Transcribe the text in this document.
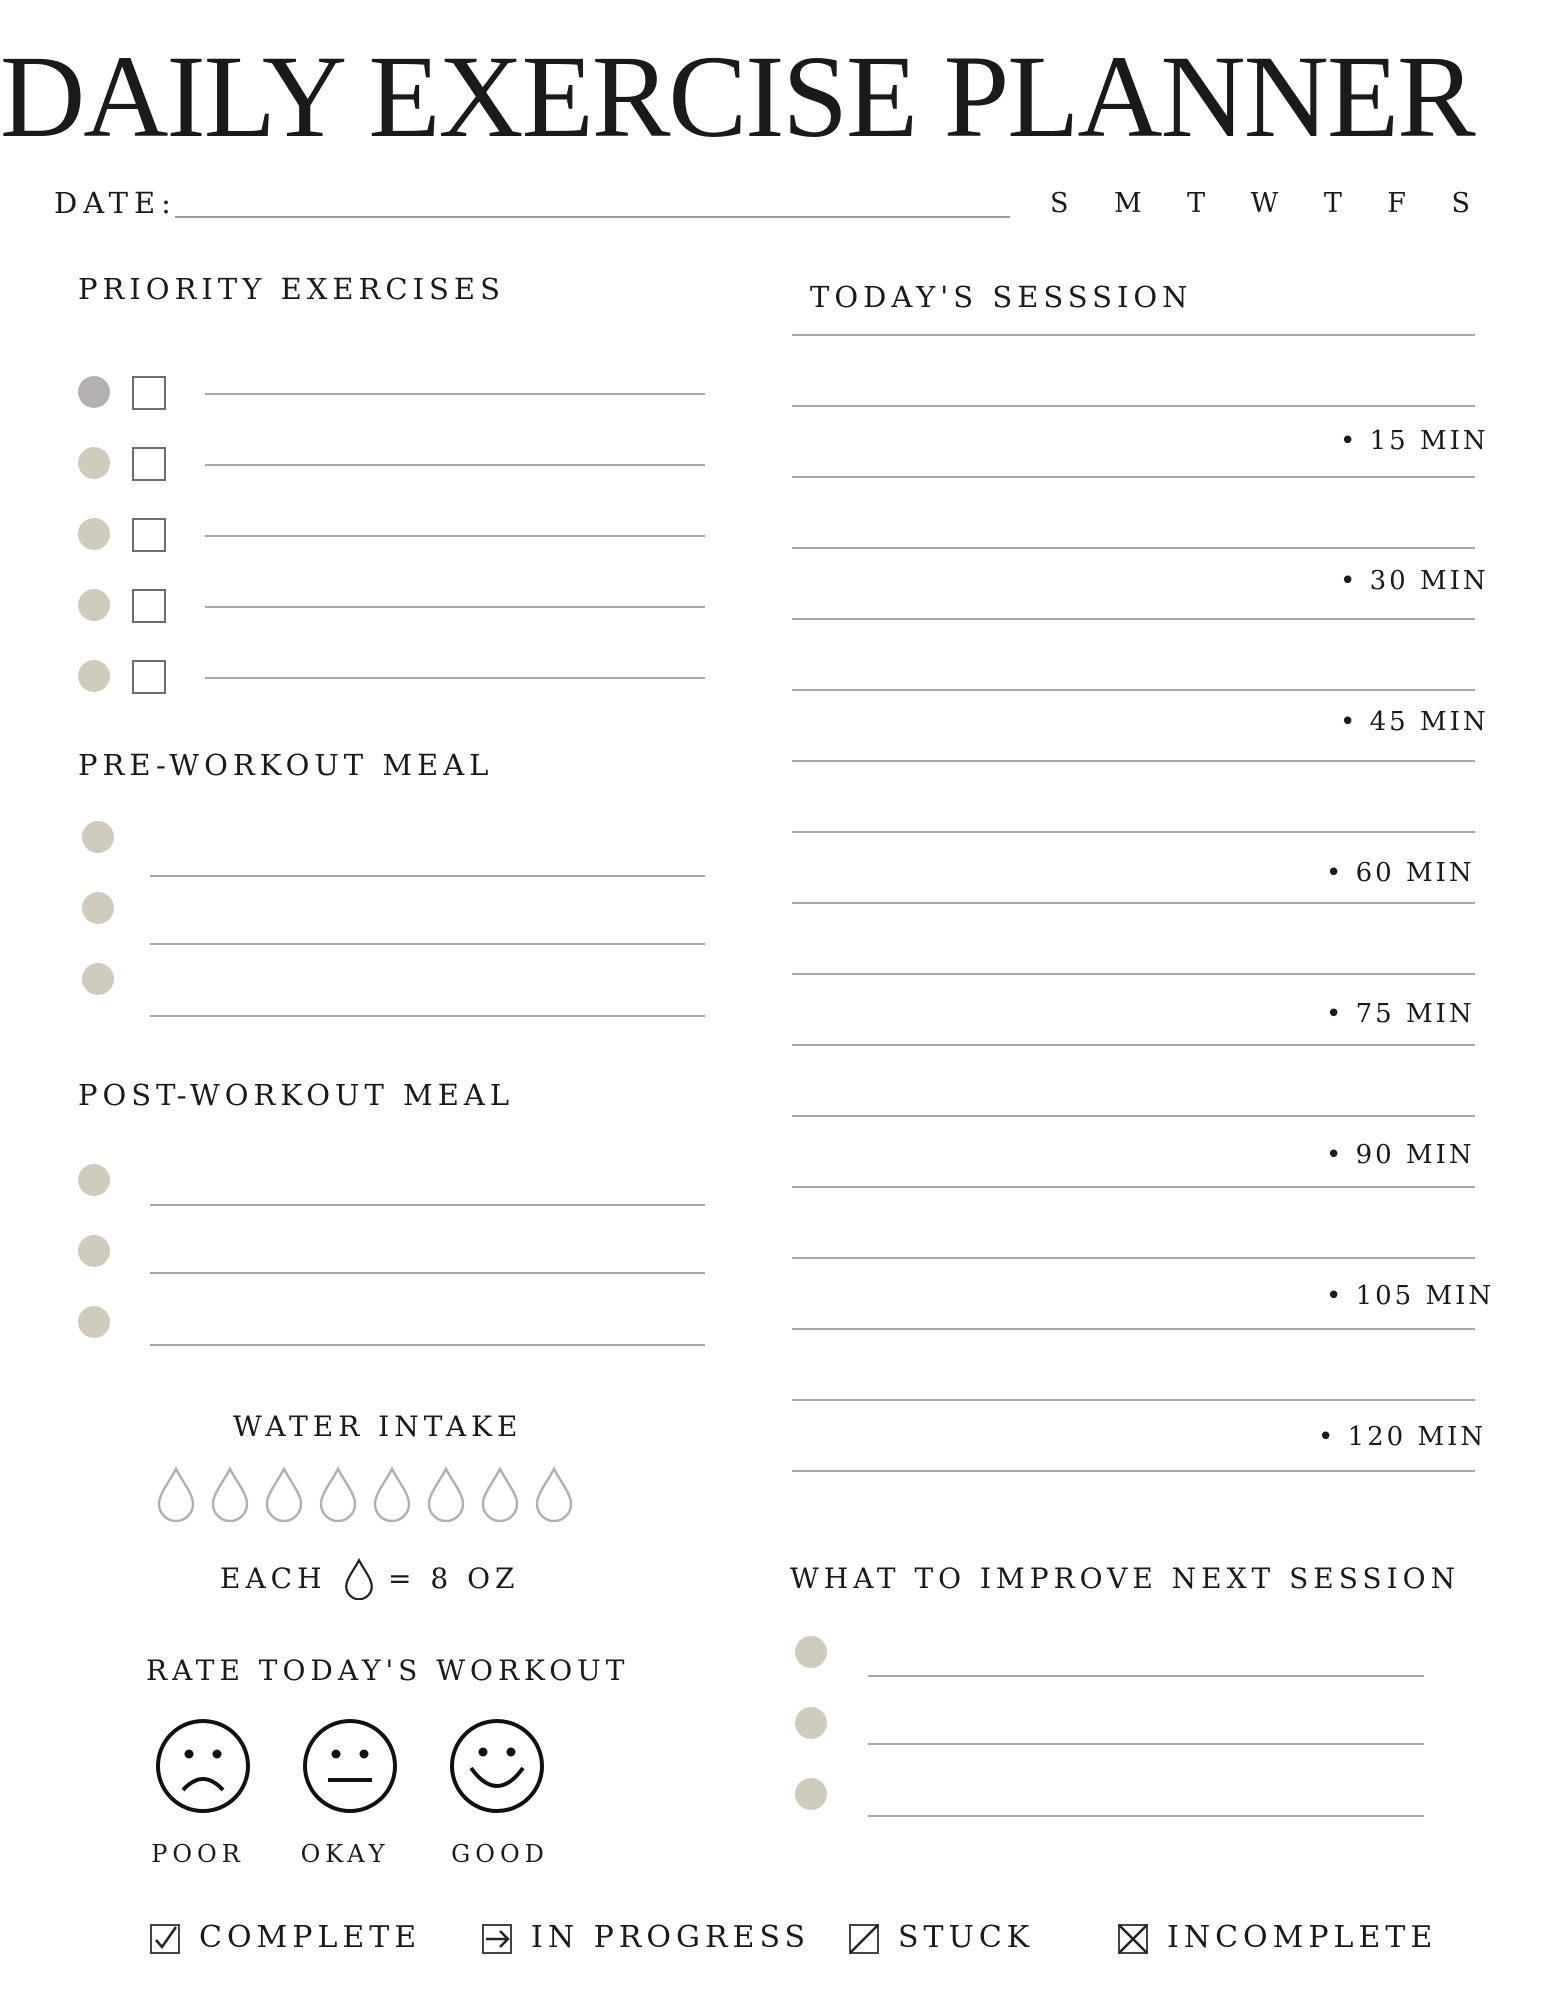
DAILY EXERCISE PLANNER
DATE:	S M T W T F S
PRIORITY EXERCISES
PRE-WORKOUT MEAL
POST-WORKOUT MEAL
WATER INTAKE
EACH = 8 OZ
RATE TODAY'S WORKOUT
POOR	OKAY	GOOD
TODAY'S SESSSION
• 15 MIN
• 30 MIN
• 45 MIN
• 60 MIN
• 75 MIN
• 90 MIN
• 105 MIN
• 120 MIN
WHAT TO IMPROVE NEXT SESSION
COMPLETE	IN PROGRESS	STUCK	INCOMPLETE
